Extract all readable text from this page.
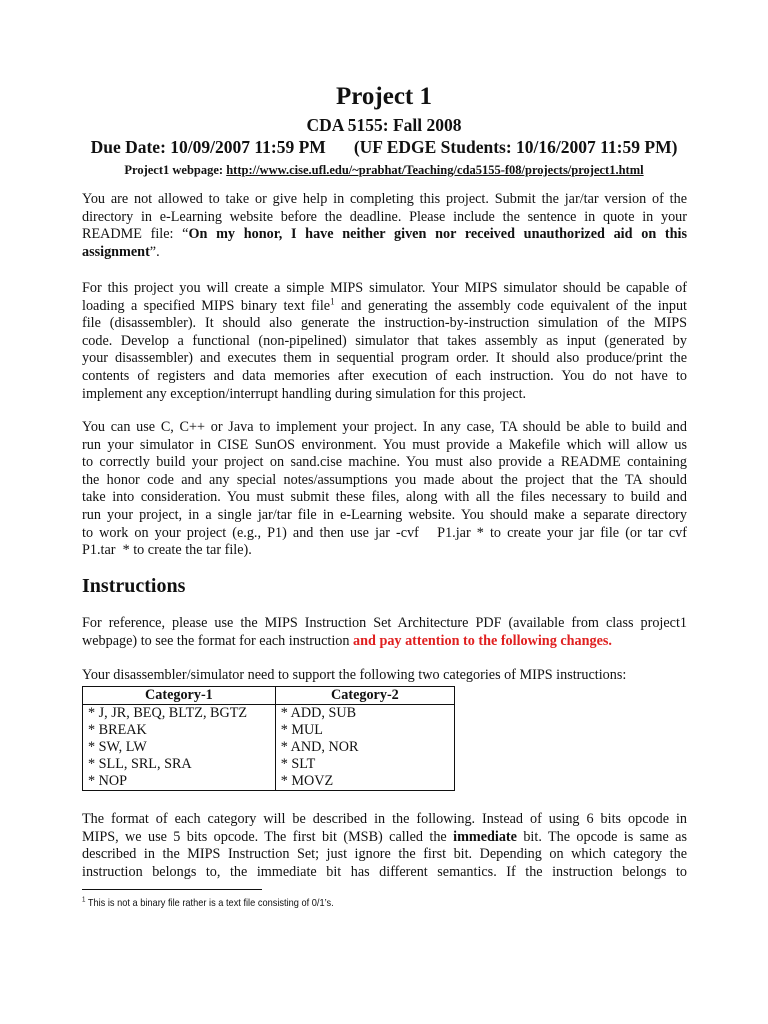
Project 1
CDA 5155: Fall 2008
Due Date: 10/09/2007 11:59 PM (UF EDGE Students: 10/16/2007 11:59 PM)
Project1 webpage: http://www.cise.ufl.edu/~prabhat/Teaching/cda5155-f08/projects/project1.html
You are not allowed to take or give help in completing this project. Submit the jar/tar version of the
directory in e-Learning website before the deadline. Please include the sentence in quote in your
README file: “On my honor, I have neither given nor received unauthorized aid on this
assignment”.
For this project you will create a simple MIPS simulator. Your MIPS simulator should be capable of
loading a specified MIPS binary text file$^1$ and generating the assembly code equivalent of the input
file (disassembler). It should also generate the instruction-by-instruction simulation of the MIPS
code. Develop a functional (non-pipelined) simulator that takes assembly as input (generated by
your disassembler) and executes them in sequential program order. It should also produce/print the
contents of registers and data memories after execution of each instruction. You do not have to
implement any exception/interrupt handling during simulation for this project.
You can use C, C++ or Java to implement your project. In any case, TA should be able to build and
run your simulator in CISE SunOS environment. You must provide a Makefile which will allow us
to correctly build your project on sand.cise machine. You must also provide a README containing
the honor code and any special notes/assumptions you made about the project that the TA should
take into consideration. You must submit these files, along with all the files necessary to build and
run your project, in a single jar/tar file in e-Learning website. You should make a separate directory
to work on your project (e.g., P1) and then use jar -cvf   P1.jar * to create your jar file (or tar cvf
P1.tar  * to create the tar file).
Instructions
For reference, please use the MIPS Instruction Set Architecture PDF (available from class project1
webpage) to see the format for each instruction and pay attention to the following changes.
Your disassembler/simulator need to support the following two categories of MIPS instructions:
Category-1	Category-2
* J, JR, BEQ, BLTZ, BGTZ	* ADD, SUB
* BREAK	* MUL
* SW, LW	* AND, NOR
* SLL, SRL, SRA	* SLT
* NOP	* MOVZ
The format of each category will be described in the following. Instead of using 6 bits opcode in
MIPS, we use 5 bits opcode. The first bit (MSB) called the immediate bit. The opcode is same as
described in the MIPS Instruction Set; just ignore the first bit. Depending on which category the
instruction belongs to, the immediate bit has different semantics. If the instruction belongs to

$^1$ This is not a binary file rather is a text file consisting of 0/1’s.
